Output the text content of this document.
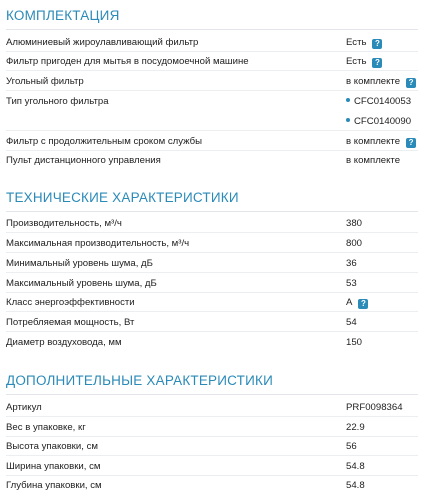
КОМПЛЕКТАЦИЯ
Алюминиевый жироулавливающий фильтр	Есть ?
Фильтр пригоден для мытья в посудомоечной машине	Есть ?
Угольный фильтр	в комплекте ?
Тип угольного фильтра	CFC0140053
CFC0140090
Фильтр с продолжительным сроком службы	в комплекте ?
Пульт дистанционного управления	в комплекте
ТЕХНИЧЕСКИЕ ХАРАКТЕРИСТИКИ
Производительность, м³/ч	380
Максимальная производительность, м³/ч	800
Минимальный уровень шума, дБ	36
Максимальный уровень шума, дБ	53
Класс энергоэффективности	A ?
Потребляемая мощность, Вт	54
Диаметр воздуховода, мм	150
ДОПОЛНИТЕЛЬНЫЕ ХАРАКТЕРИСТИКИ
Артикул	PRF0098364
Вес в упаковке, кг	22.9
Высота упаковки, см	56
Ширина упаковки, см	54.8
Глубина упаковки, см	54.8
